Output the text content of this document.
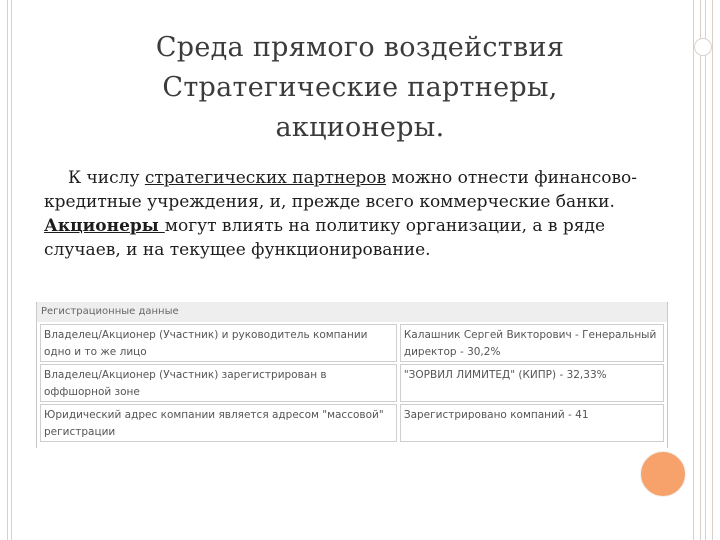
Среда прямого воздействия
Стратегические партнеры,
акционеры.
К числу стратегических партнеров можно отнести финансово-кредитные учреждения, и, прежде всего коммерческие банки. Акционеры могут влиять на политику организации, а в ряде случаев, и на текущее функционирование.
Регистрационные данные
Владелец/Акционер (Участник) и руководитель компании одно и то же лицо
Калашник Сергей Викторович - Генеральный директор - 30,2%
Владелец/Акционер (Участник) зарегистрирован в оффшорной зоне
"ЗОРВИЛ ЛИМИТЕД" (КИПР) - 32,33%
Юридический адрес компании является адресом "массовой" регистрации
Зарегистрировано компаний - 41
